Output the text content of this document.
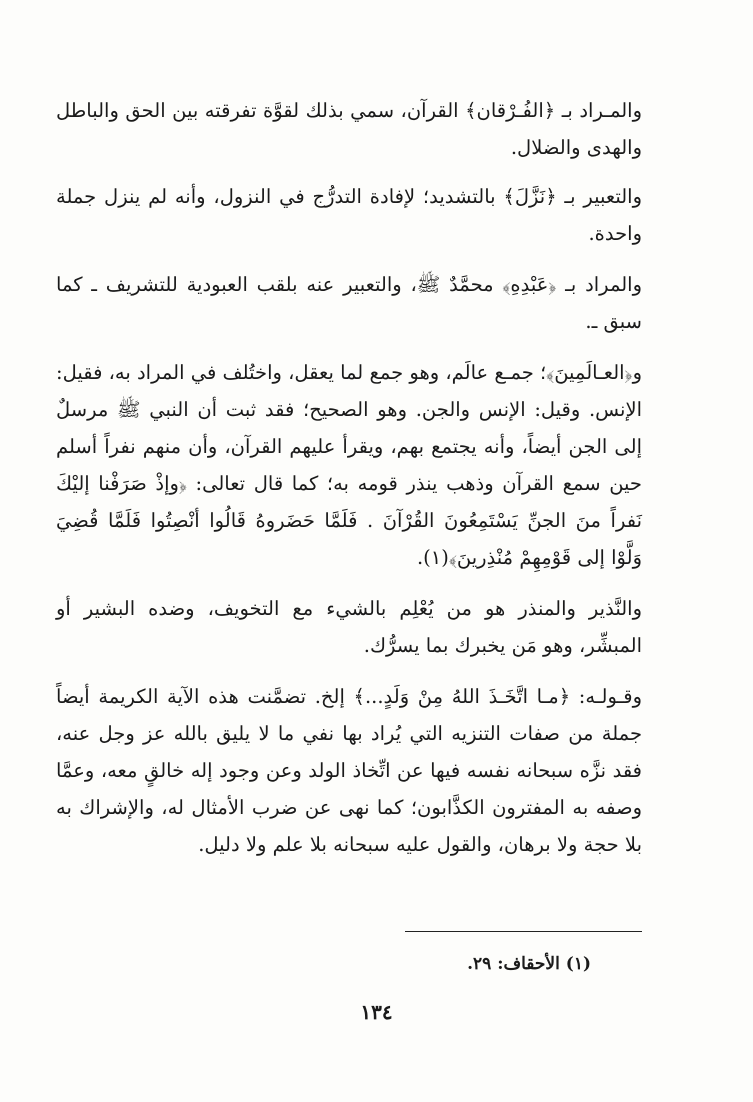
والمـراد بـ ﴿الفُـرْقان﴾ القرآن، سمي بذلك لقوَّة تفرقته بين الحق والباطل والهدى والضلال.

والتعبير بـ ﴿نَزَّلَ﴾ بالتشديد؛ لإفادة التدرُّج في النزول، وأنه لم ينزل جملة واحدة.

والمراد بـ ﴿عَبْدِهِ﴾ محمَّدٌ ﷺ، والتعبير عنه بلقب العبودية للتشريف ـ كما سبق ـ.

و﴿العـالَمِينَ﴾؛ جمـع عالَم، وهو جمع لما يعقل، واختُلف في المراد به، فقيل: الإنس. وقيل: الإنس والجن. وهو الصحيح؛ فقد ثبت أن النبي ﷺ مرسلٌ إلى الجن أيضاً، وأنه يجتمع بهم، ويقرأ عليهم القرآن، وأن منهم نفراً أسلم حين سمع القرآن وذهب ينذر قومه به؛ كما قال تعالى: ﴿وإذْ صَرَفْنا إليْكَ نَفراً منَ الجنِّ يَسْتَمِعُونَ القُرْآنَ . فَلَمَّا حَضَروهُ قَالُوا أنْصِتُوا فَلَمَّا قُضِيَ وَلَّوْا إلى قَوْمِهِمْ مُنْذِرينَ﴾(١).

والنَّذير والمنذر هو من يُعْلِم بالشيء مع التخويف، وضده البشير أو المبشِّر، وهو مَن يخبرك بما يسرُّك.

وقـولـه: ﴿مـا اتَّخَـذَ اللهُ مِنْ وَلَدٍ...﴾ إلخ. تضمَّنت هذه الآية الكريمة أيضاً جملة من صفات التنزيه التي يُراد بها نفي ما لا يليق بالله عز وجل عنه، فقد نزَّه سبحانه نفسه فيها عن اتِّخاذ الولد وعن وجود إله خالقٍ معه، وعمَّا وصفه به المفترون الكذَّابون؛ كما نهى عن ضرب الأمثال له، والإشراك به بلا حجة ولا برهان، والقول عليه سبحانه بلا علم ولا دليل.

(١) الأحقاف: ٢٩.
١٣٤
